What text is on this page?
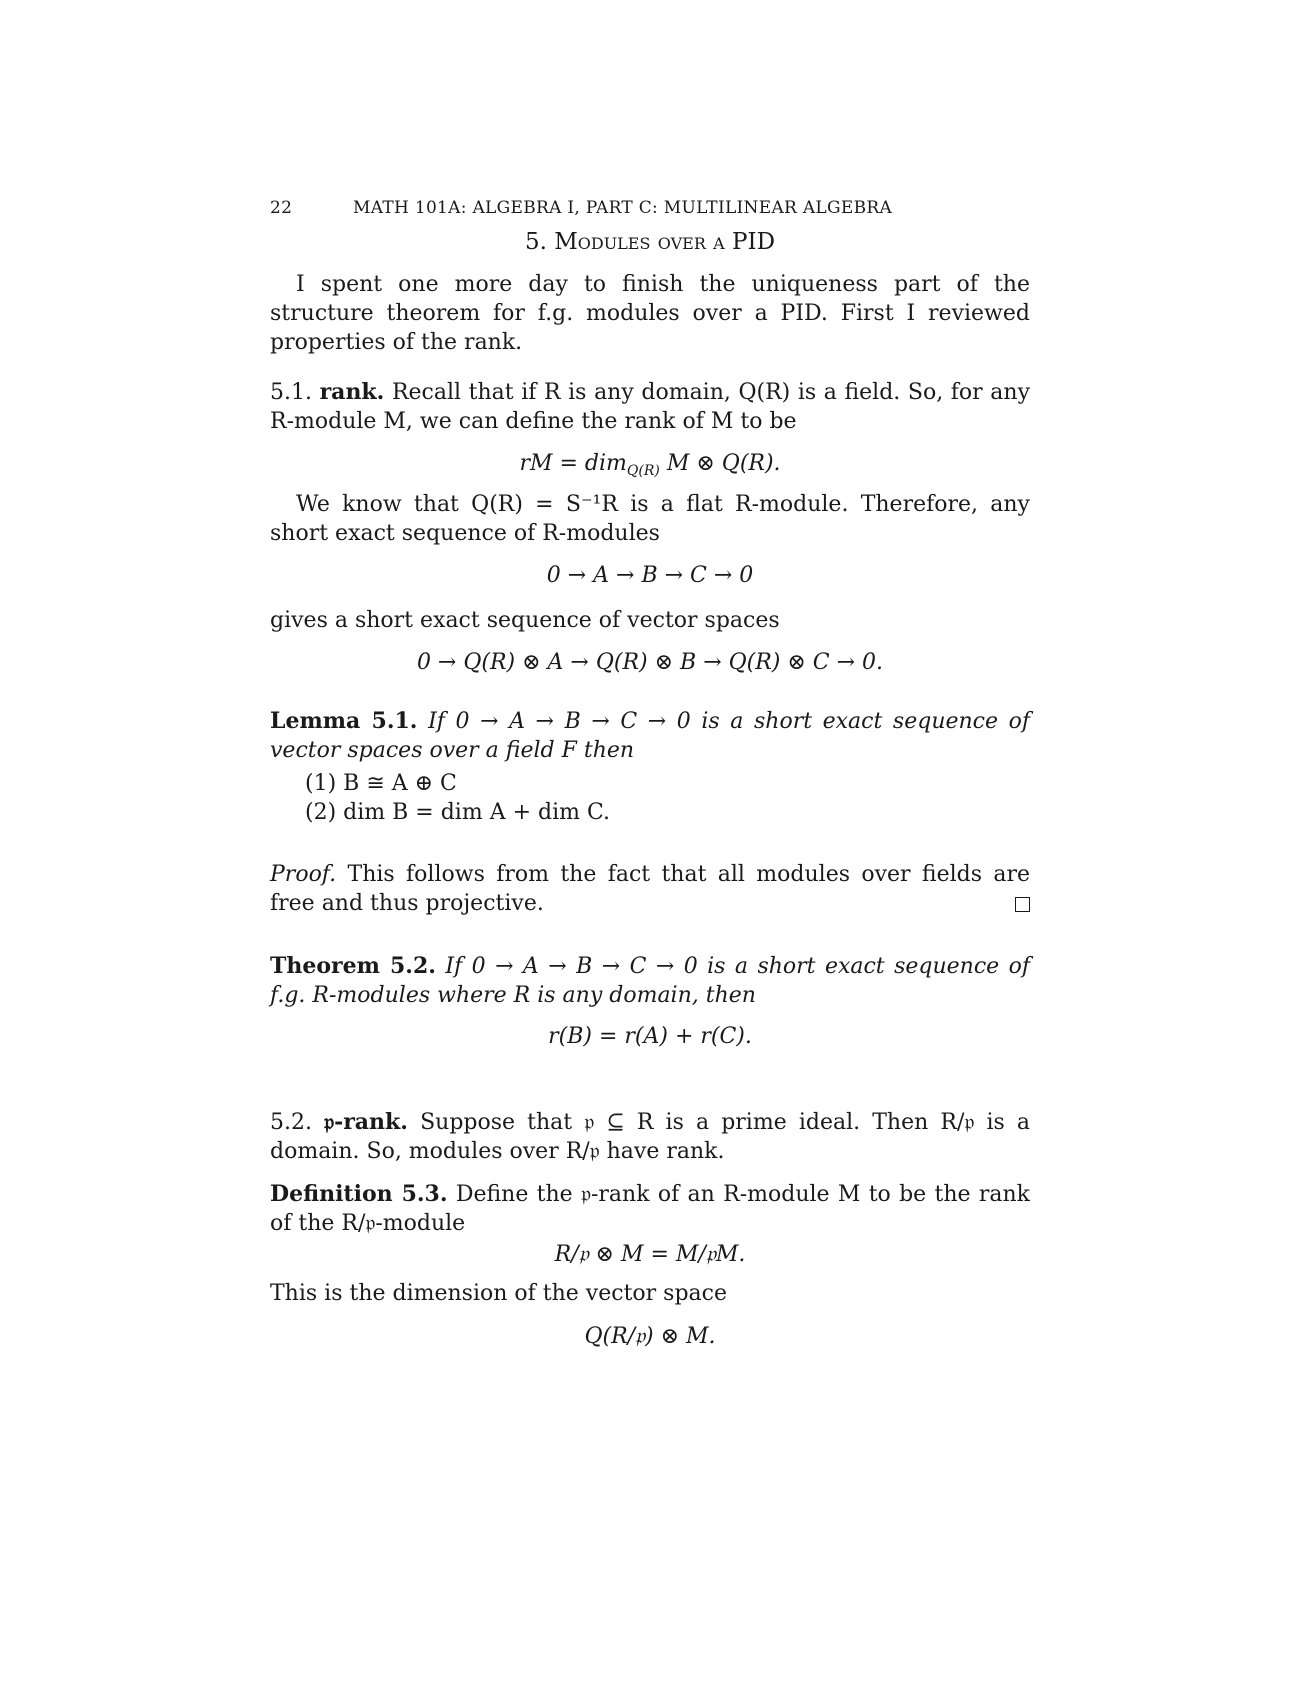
22	MATH 101A: ALGEBRA I, PART C: MULTILINEAR ALGEBRA
5. Modules over a PID
I spent one more day to finish the uniqueness part of the structure theorem for f.g. modules over a PID. First I reviewed properties of the rank.
5.1. rank. Recall that if R is any domain, Q(R) is a field. So, for any R-module M, we can define the rank of M to be
rM = dim$_{Q(R)}$ M ⊗ Q(R).
We know that Q(R) = S⁻¹R is a flat R-module. Therefore, any short exact sequence of R-modules
0 → A → B → C → 0
gives a short exact sequence of vector spaces
0 → Q(R) ⊗ A → Q(R) ⊗ B → Q(R) ⊗ C → 0.
Lemma 5.1. If 0 → A → B → C → 0 is a short exact sequence of vector spaces over a field F then
(1) B ≅ A ⊕ C
(2) dim B = dim A + dim C.
Proof. This follows from the fact that all modules over fields are free and thus projective.
Theorem 5.2. If 0 → A → B → C → 0 is a short exact sequence of f.g. R-modules where R is any domain, then
r(B) = r(A) + r(C).
5.2. 𝔭-rank. Suppose that 𝔭 ⊆ R is a prime ideal. Then R/𝔭 is a domain. So, modules over R/𝔭 have rank.
Definition 5.3. Define the 𝔭-rank of an R-module M to be the rank of the R/𝔭-module
R/𝔭 ⊗ M = M/𝔭M.
This is the dimension of the vector space
Q(R/𝔭) ⊗ M.
